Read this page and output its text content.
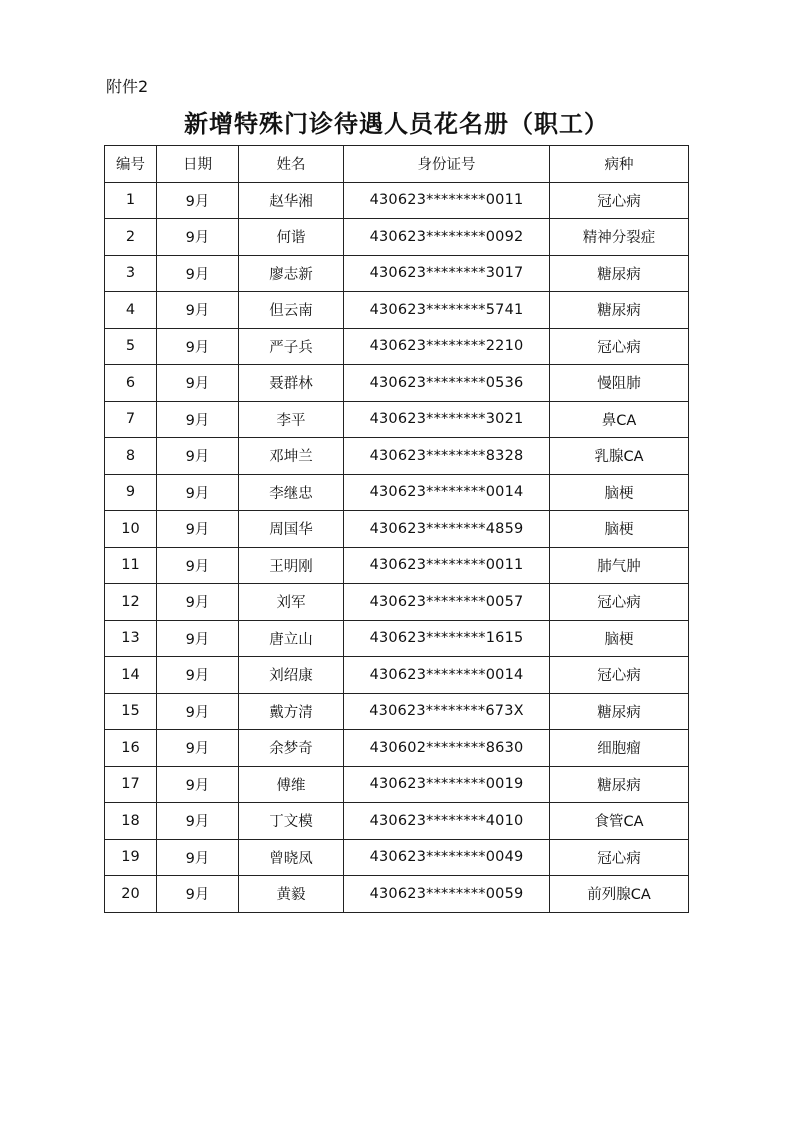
附件2
新增特殊门诊待遇人员花名册（职工）
编号	日期	姓名	身份证号	病种
1	9月	赵华湘	430623********0011	冠心病
2	9月	何谐	430623********0092	精神分裂症
3	9月	廖志新	430623********3017	糖尿病
4	9月	但云南	430623********5741	糖尿病
5	9月	严子兵	430623********2210	冠心病
6	9月	聂群林	430623********0536	慢阻肺
7	9月	李平	430623********3021	鼻CA
8	9月	邓坤兰	430623********8328	乳腺CA
9	9月	李继忠	430623********0014	脑梗
10	9月	周国华	430623********4859	脑梗
11	9月	王明刚	430623********0011	肺气肿
12	9月	刘军	430623********0057	冠心病
13	9月	唐立山	430623********1615	脑梗
14	9月	刘绍康	430623********0014	冠心病
15	9月	戴方清	430623********673X	糖尿病
16	9月	余梦奇	430602********8630	细胞瘤
17	9月	傅维	430623********0019	糖尿病
18	9月	丁文模	430623********4010	食管CA
19	9月	曾晓凤	430623********0049	冠心病
20	9月	黄毅	430623********0059	前列腺CA
